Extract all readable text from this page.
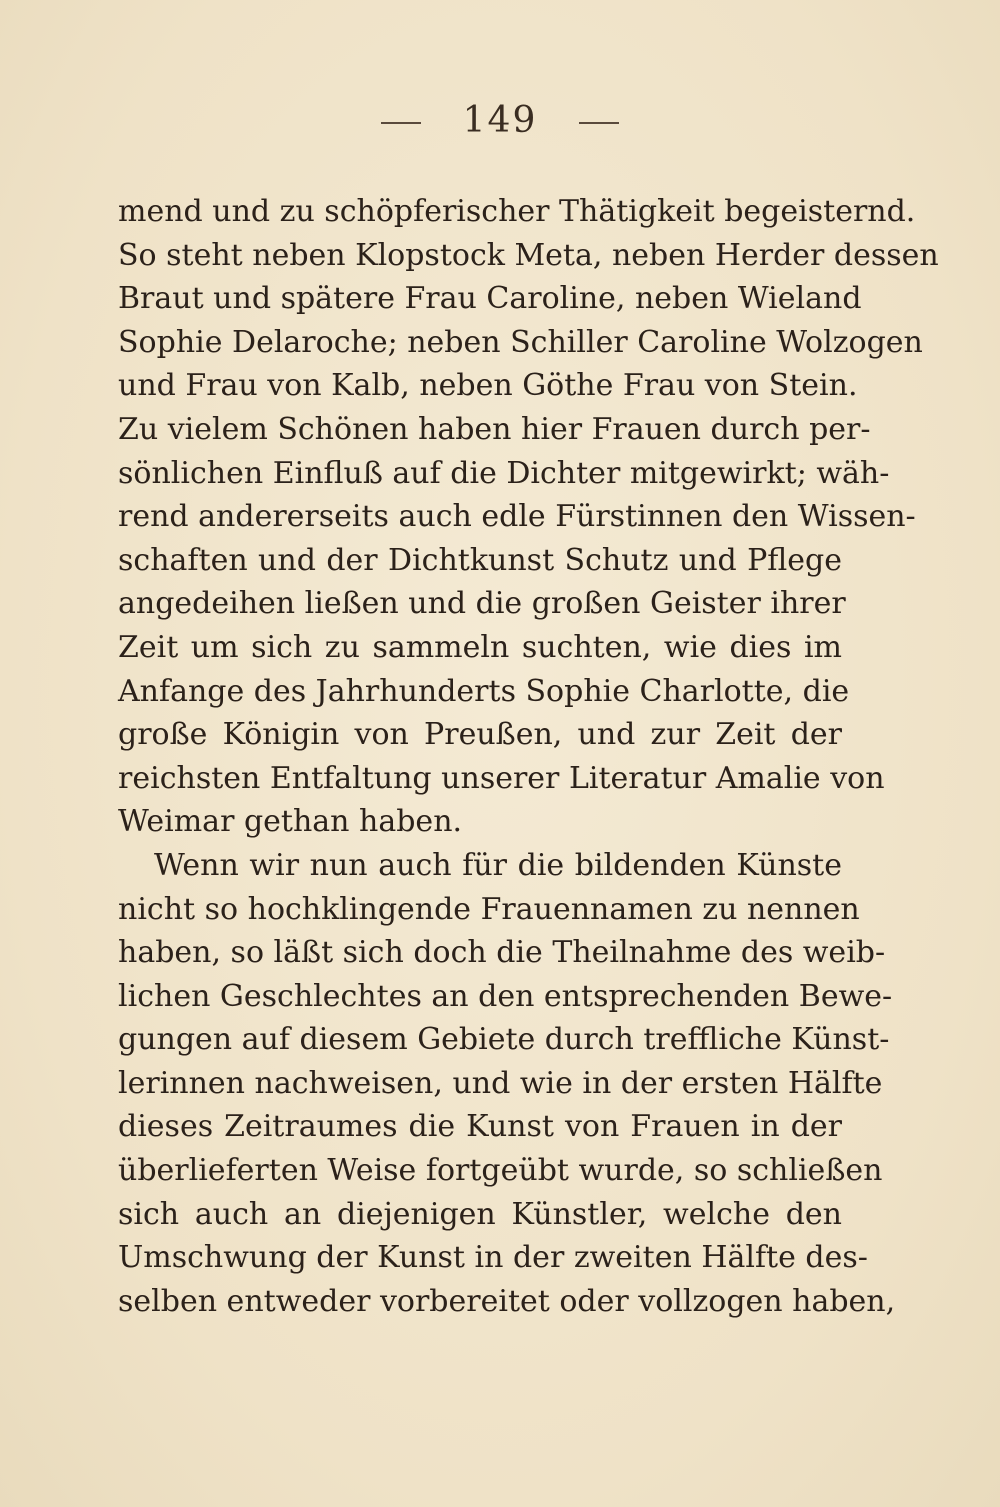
149
mend und zu schöpferischer Thätigkeit begeisternd.
So steht neben Klopstock Meta, neben Herder dessen
Braut und spätere Frau Caroline, neben Wieland
Sophie Delaroche; neben Schiller Caroline Wolzogen
und Frau von Kalb, neben Göthe Frau von Stein.
Zu vielem Schönen haben hier Frauen durch per-
sönlichen Einfluß auf die Dichter mitgewirkt; wäh-
rend andererseits auch edle Fürstinnen den Wissen-
schaften und der Dichtkunst Schutz und Pflege
angedeihen ließen und die großen Geister ihrer
Zeit um sich zu sammeln suchten, wie dies im
Anfange des Jahrhunderts Sophie Charlotte, die
große Königin von Preußen, und zur Zeit der
reichsten Entfaltung unserer Literatur Amalie von
Weimar gethan haben.
Wenn wir nun auch für die bildenden Künste
nicht so hochklingende Frauennamen zu nennen
haben, so läßt sich doch die Theilnahme des weib-
lichen Geschlechtes an den entsprechenden Bewe-
gungen auf diesem Gebiete durch treffliche Künst-
lerinnen nachweisen, und wie in der ersten Hälfte
dieses Zeitraumes die Kunst von Frauen in der
überlieferten Weise fortgeübt wurde, so schließen
sich auch an diejenigen Künstler, welche den
Umschwung der Kunst in der zweiten Hälfte des-
selben entweder vorbereitet oder vollzogen haben,
